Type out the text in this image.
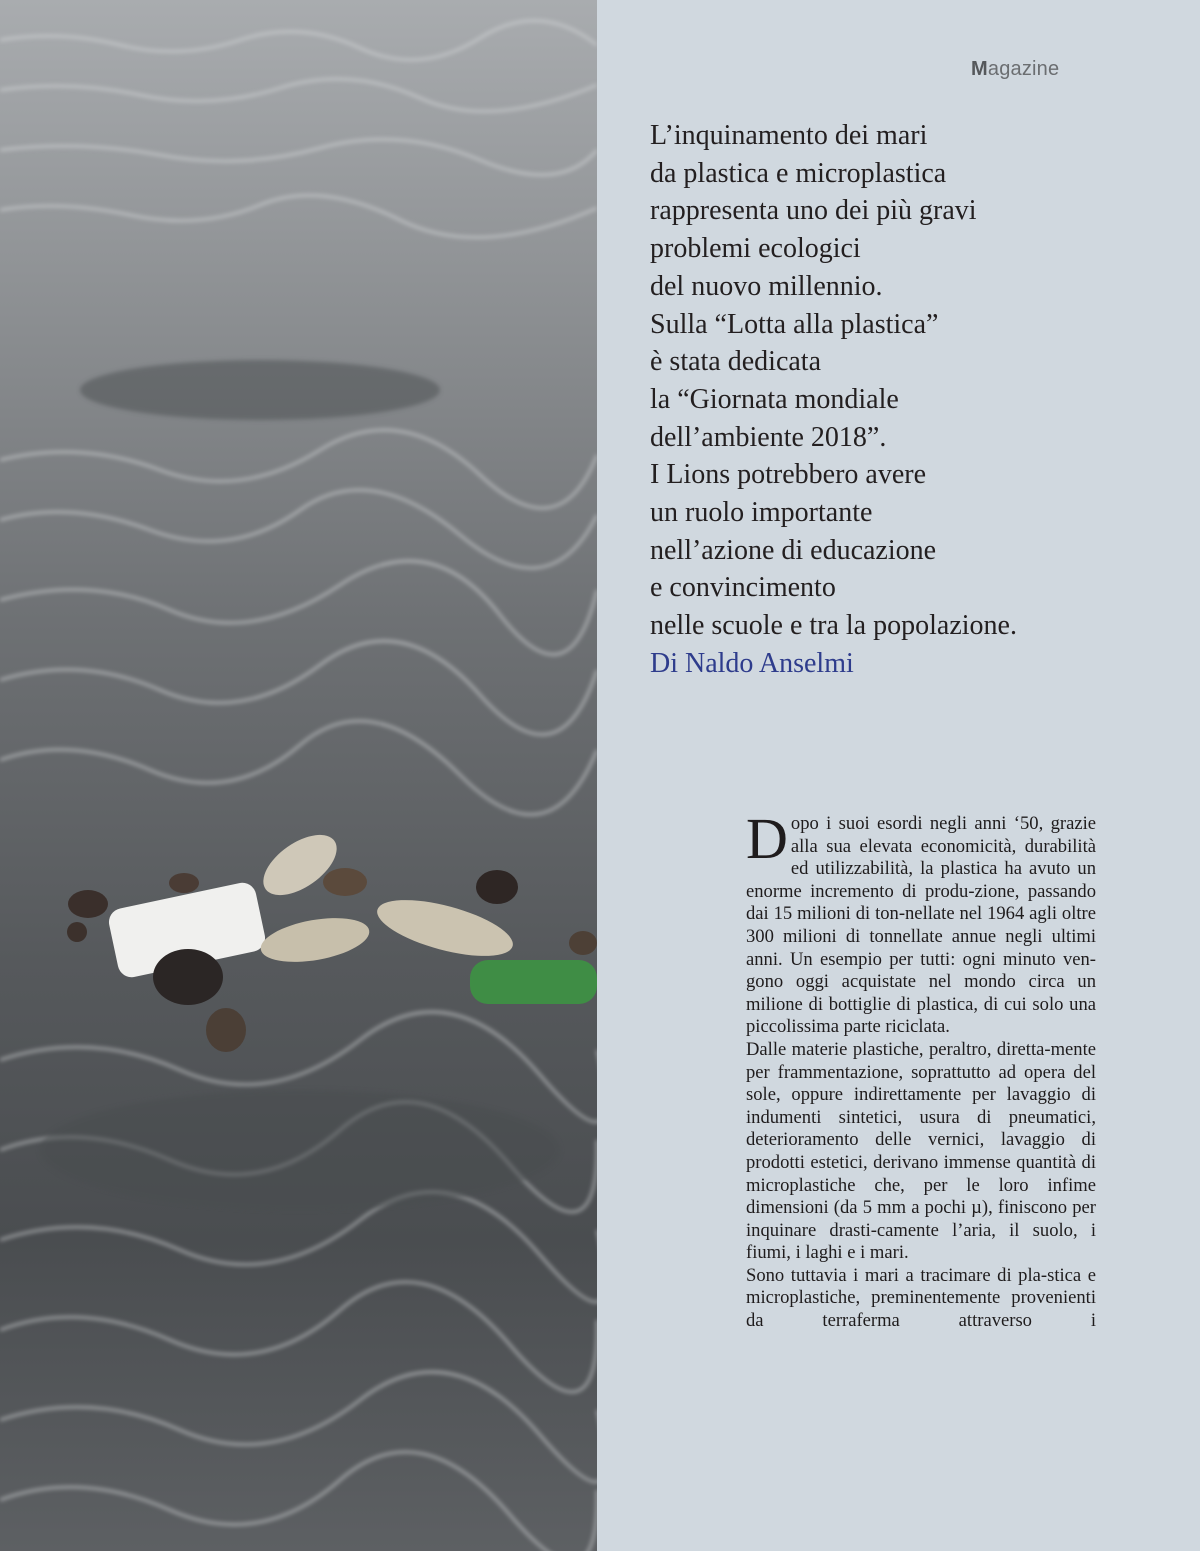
Magazine
L’inquinamento dei mari
da plastica e microplastica
rappresenta uno dei più gravi
problemi ecologici
del nuovo millennio.
Sulla “Lotta alla plastica”
è stata dedicata
la “Giornata mondiale
dell’ambiente 2018”.
I Lions potrebbero avere
un ruolo importante
nell’azione di educazione
e convincimento
nelle scuole e tra la popolazione.
Di Naldo Anselmi

Dopo i suoi esordi negli anni ‘50, grazie alla sua elevata economicità, durabilità ed utilizzabilità, la plastica ha avuto un enorme incremento di produ-zione, passando dai 15 milioni di ton-nellate nel 1964 agli oltre 300 milioni di tonnellate annue negli ultimi anni. Un esempio per tutti: ogni minuto ven-gono oggi acquistate nel mondo circa un milione di bottiglie di plastica, di cui solo una piccolissima parte riciclata.

Dalle materie plastiche, peraltro, diretta-mente per frammentazione, soprattutto ad opera del sole, oppure indirettamente per lavaggio di indumenti sintetici, usura di pneumatici, deterioramento delle vernici, lavaggio di prodotti estetici, derivano immense quantità di microplastiche che, per le loro infime dimensioni (da 5 mm a pochi µ), finiscono per inquinare drasti-camente l’aria, il suolo, i fiumi, i laghi e i mari.

Sono tuttavia i mari a tracimare di pla-stica e microplastiche, preminentemente provenienti da terraferma attraverso i
